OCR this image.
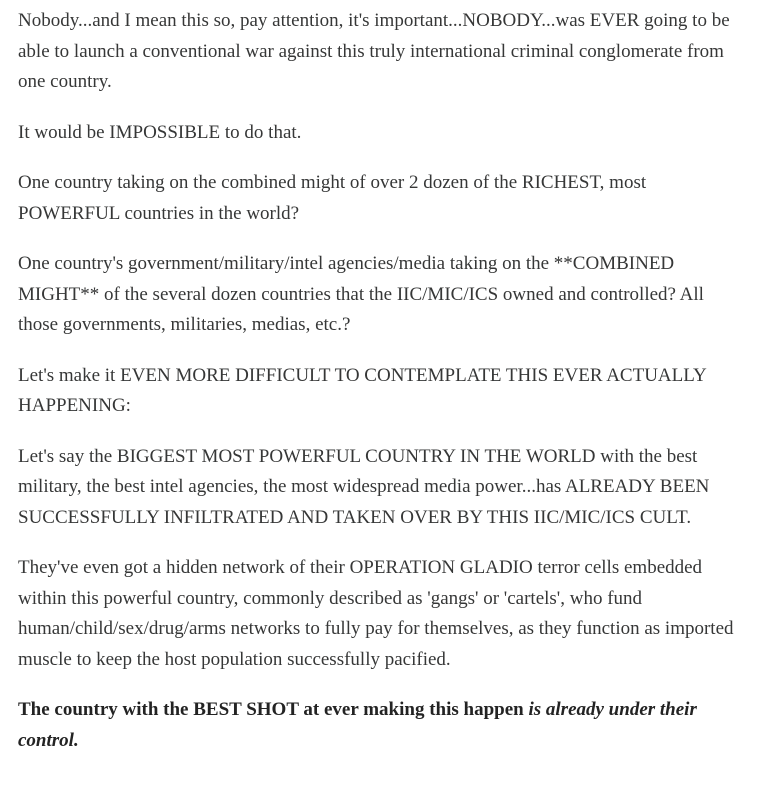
Nobody...and I mean this so, pay attention, it's important...NOBODY...was EVER going to be able to launch a conventional war against this truly international criminal conglomerate from one country.

It would be IMPOSSIBLE to do that.

One country taking on the combined might of over 2 dozen of the RICHEST, most POWERFUL countries in the world?

One country's government/military/intel agencies/media taking on the **COMBINED MIGHT** of the several dozen countries that the IIC/MIC/ICS owned and controlled? All those governments, militaries, medias, etc.?

Let's make it EVEN MORE DIFFICULT TO CONTEMPLATE THIS EVER ACTUALLY HAPPENING:

Let's say the BIGGEST MOST POWERFUL COUNTRY IN THE WORLD with the best military, the best intel agencies, the most widespread media power...has ALREADY BEEN SUCCESSFULLY INFILTRATED AND TAKEN OVER BY THIS IIC/MIC/ICS CULT.

They've even got a hidden network of their OPERATION GLADIO terror cells embedded within this powerful country, commonly described as 'gangs' or 'cartels', who fund human/child/sex/drug/arms networks to fully pay for themselves, as they function as imported muscle to keep the host population successfully pacified.

The country with the BEST SHOT at ever making this happen is already under their control.
